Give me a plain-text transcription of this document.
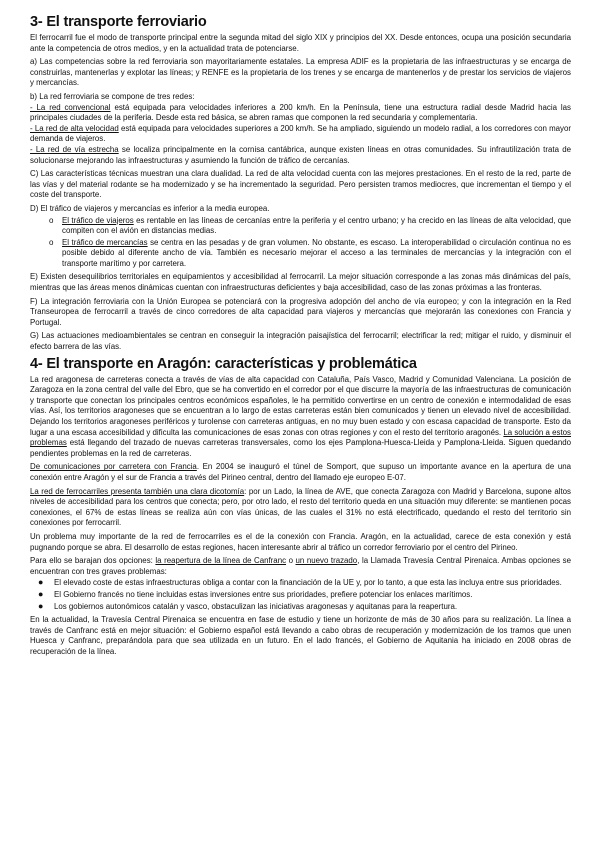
3- El transporte ferroviario

El ferrocarril fue el modo de transporte principal entre la segunda mitad del siglo XIX y principios del XX. Desde entonces, ocupa una posición secundaria ante la competencia de otros medios, y en la actualidad trata de potenciarse.

a) Las competencias sobre la red ferroviaria son mayoritariamente estatales. La empresa ADIF es la propietaria de las infraestructuras y se encarga de construirlas, mantenerlas y explotar las líneas; y RENFE es la propietaria de los trenes y se encarga de mantenerlos y de prestar los servicios de viajeros y mercancías.

b) La red ferroviaria se compone de tres redes:
- La red convencional está equipada para velocidades inferiores a 200 km/h. En la Península, tiene una estructura radial desde Madrid hacia las principales ciudades de la periferia. Desde esta red básica, se abren ramas que componen la red secundaria y complementaria.
- La red de alta velocidad está equipada para velocidades superiores a 200 km/h. Se ha ampliado, siguiendo un modelo radial, a los corredores con mayor demanda de viajeros.
- La red de vía estrecha se localiza principalmente en la cornisa cantábrica, aunque existen líneas en otras comunidades. Su infrautilización trata de solucionarse mejorando las infraestructuras y asumiendo la función de tráfico de cercanías.

C) Las características técnicas muestran una clara dualidad. La red de alta velocidad cuenta con las mejores prestaciones. En el resto de la red, parte de las vías y del material rodante se ha modernizado y se ha incrementado la seguridad. Pero persisten tramos mediocres, que incrementan el tiempo y el coste del transporte.

D) El tráfico de viajeros y mercancías es inferior a la media europea.

o El tráfico de viajeros es rentable en las líneas de cercanías entre la periferia y el centro urbano; y ha crecido en las líneas de alta velocidad, que compiten con el avión en distancias medias.
o El tráfico de mercancías se centra en las pesadas y de gran volumen. No obstante, es escaso. La interoperabilidad o circulación continua no es posible debido al diferente ancho de vía. También es necesario mejorar el acceso a las terminales de mercancías y la integración con el transporte marítimo y por carretera.

E) Existen desequilibrios territoriales en equipamientos y accesibilidad al ferrocarril. La mejor situación corresponde a las zonas más dinámicas del país, mientras que las áreas menos dinámicas cuentan con infraestructuras deficientes y baja accesibilidad, caso de las zonas próximas a las fronteras.

F) La integración ferroviaria con la Unión Europea se potenciará con la progresiva adopción del ancho de vía europeo; y con la integración en la Red Transeuropea de ferrocarril a través de cinco corredores de alta capacidad para viajeros y mercancías que mejorarán las conexiones con Francia y Portugal.

G) Las actuaciones medioambientales se centran en conseguir la integración paisajística del ferrocarril; electrificar la red; mitigar el ruido, y disminuir el efecto barrera de las vías.

4- El transporte en Aragón: características y problemática

La red aragonesa de carreteras conecta a través de vías de alta capacidad con Cataluña, País Vasco, Madrid y Comunidad Valenciana. La posición de Zaragoza en la zona central del valle del Ebro, que se ha convertido en el corredor por el que discurre la mayoría de las infraestructuras de comunicación y transporte que conectan los principales centros económicos españoles, le ha permitido convertirse en un centro de conexión e intermodalidad de esas vías. Así, los territorios aragoneses que se encuentran a lo largo de estas carreteras están bien comunicados y tienen un elevado nivel de accesibilidad. Dejando los territorios aragoneses periféricos y turolense con carreteras antiguas, en no muy buen estado y con escasa capacidad de transporte. Esto da lugar a una escasa accesibilidad y dificulta las comunicaciones de esas zonas con otras regiones y con el resto del territorio aragonés. La solución a estos problemas está llegando del trazado de nuevas carreteras transversales, como los ejes Pamplona-Huesca-Lleida y Pamplona-Lleida. Siguen quedando pendientes problemas en la red de carreteras.

De comunicaciones por carretera con Francia. En 2004 se inauguró el túnel de Somport, que supuso un importante avance en la apertura de una conexión entre Aragón y el sur de Francia a través del Pirineo central, dentro del llamado eje europeo E-07.

La red de ferrocarriles presenta también una clara dicotomía: por un Lado, la línea de AVE, que conecta Zaragoza con Madrid y Barcelona, supone altos niveles de accesibilidad para los centros que conecta; pero, por otro lado, el resto del territorio queda en una situación muy diferente: se mantienen pocas conexiones, el 67% de estas líneas se realiza aún con vías únicas, de las cuales el 31% no está electrificado, quedando el resto del territorio sin conexiones por ferrocarril.

Un problema muy importante de la red de ferrocarriles es el de la conexión con Francia. Aragón, en la actualidad, carece de esta conexión y está pugnando porque se abra. El desarrollo de estas regiones, hacen interesante abrir al tráfico un corredor ferroviario por el centro del Pirineo.

Para ello se barajan dos opciones: la reapertura de la línea de Canfranc o un nuevo trazado, la Llamada Travesía Central Pirenaica. Ambas opciones se encuentran con tres graves problemas:

● El elevado coste de estas infraestructuras obliga a contar con la financiación de la UE y, por lo tanto, a que esta las incluya entre sus prioridades.
● El Gobierno francés no tiene incluidas estas inversiones entre sus prioridades, prefiere potenciar los enlaces marítimos.
● Los gobiernos autonómicos catalán y vasco, obstaculizan las iniciativas aragonesas y aquitanas para la reapertura.

En la actualidad, la Travesía Central Pirenaica se encuentra en fase de estudio y tiene un horizonte de más de 30 años para su realización. La línea a través de Canfranc está en mejor situación: el Gobierno español está llevando a cabo obras de recuperación y modernización de los tramos que unen Huesca y Canfranc, preparándola para que sea utilizada en un futuro. En el lado francés, el Gobierno de Aquitania ha iniciado en 2008 obras de recuperación de la línea.
